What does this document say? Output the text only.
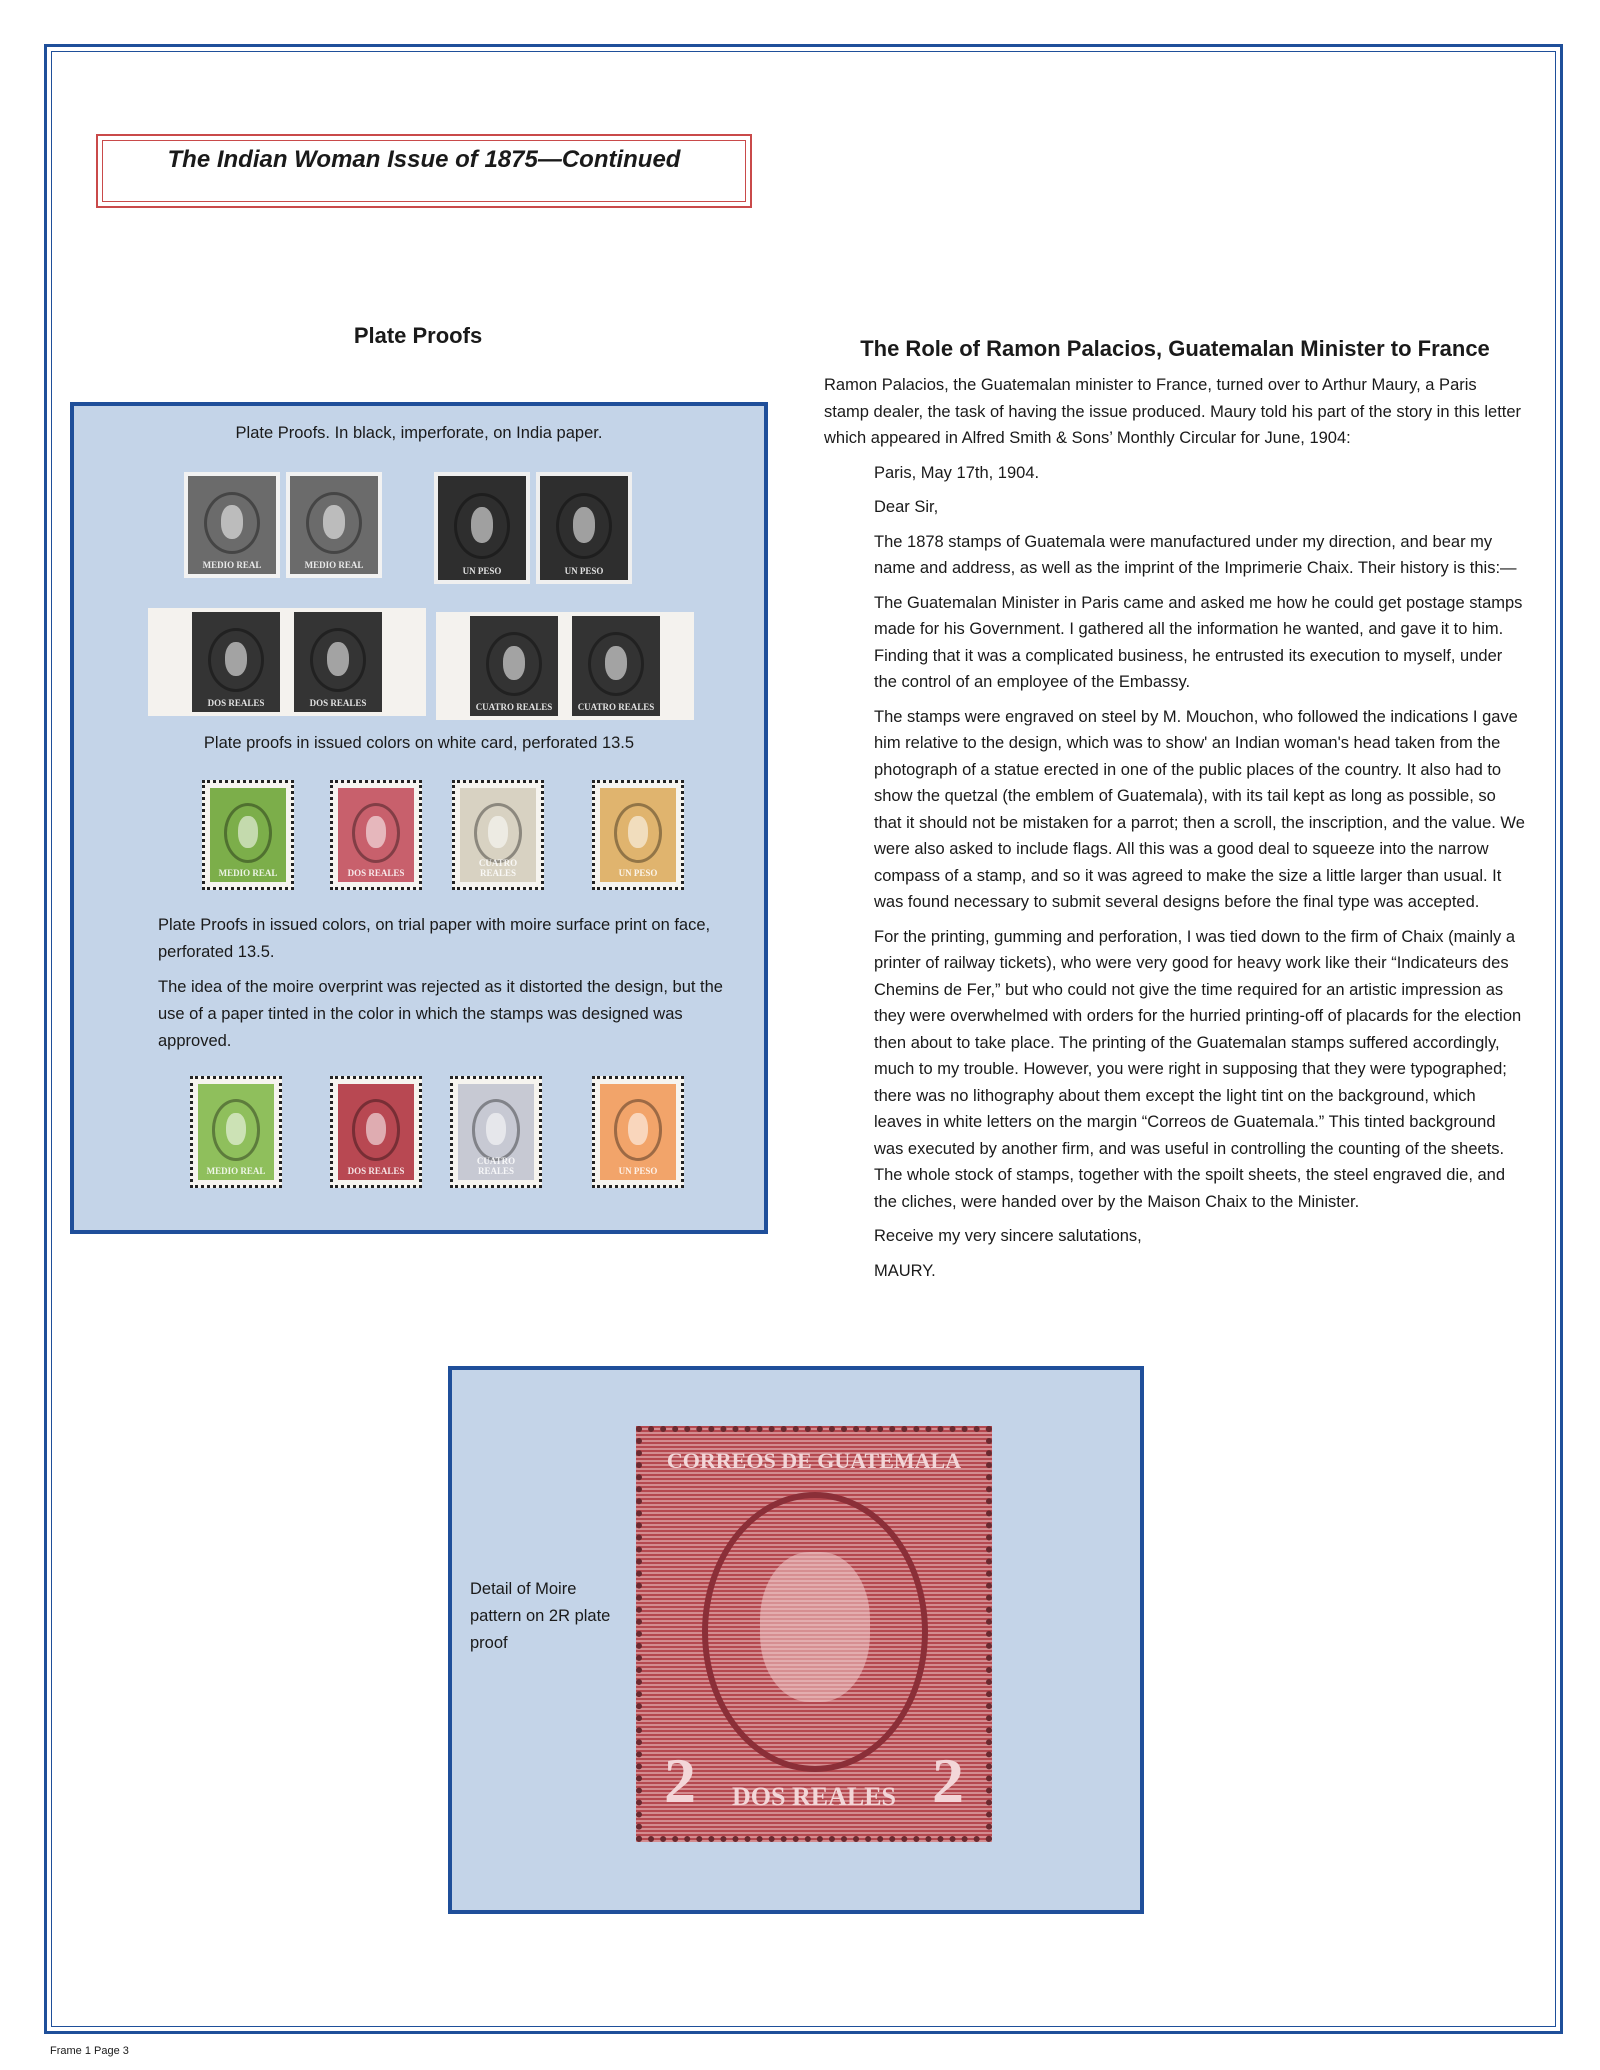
The Indian Woman Issue of 1875—Continued
Plate Proofs
The Role of Ramon Palacios, Guatemalan Minister to France
Plate Proofs. In black, imperforate, on India paper.
MEDIO REAL	MEDIO REAL
UN PESO	UN PESO
DOS REALES	DOS REALES	CUATRO REALES	CUATRO REALES
Plate proofs in issued colors on white card, perforated 13.5
MEDIO REAL	DOS REALES
CUATRO REALES	UN PESO
Plate Proofs in issued colors, on trial paper with moire surface print on face, perforated 13.5.
The idea of the moire overprint was rejected as it distorted the design, but the use of a paper tinted in the color in which the stamps was designed was approved.
MEDIO REAL	DOS REALES
CUATRO REALES	UN PESO

Ramon Palacios, the Guatemalan minister to France, turned over to Arthur Maury, a Paris stamp dealer, the task of having the issue produced. Maury told his part of the story in this letter which appeared in Alfred Smith & Sons’ Monthly Circular for June, 1904:

Paris, May 17th, 1904.

Dear Sir,

The 1878 stamps of Guatemala were manufactured under my direction, and bear my name and address, as well as the imprint of the Imprimerie Chaix. Their history is this:—

The Guatemalan Minister in Paris came and asked me how he could get postage stamps made for his Government. I gathered all the information he wanted, and gave it to him. Finding that it was a complicated business, he entrusted its execution to myself, under the control of an employee of the Embassy.

The stamps were engraved on steel by M. Mouchon, who followed the indications I gave him relative to the design, which was to show' an Indian woman's head taken from the photograph of a statue erected in one of the public places of the country. It also had to show the quetzal (the emblem of Guatemala), with its tail kept as long as possible, so that it should not be mistaken for a parrot; then a scroll, the inscription, and the value. We were also asked to include flags. All this was a good deal to squeeze into the narrow compass of a stamp, and so it was agreed to make the size a little larger than usual. It was found necessary to submit several designs before the final type was accepted.

For the printing, gumming and perforation, I was tied down to the firm of Chaix (mainly a printer of railway tickets), who were very good for heavy work like their “Indicateurs des Chemins de Fer,” but who could not give the time required for an artistic impression as they were overwhelmed with orders for the hurried printing-off of placards for the election then about to take place. The printing of the Guatemalan stamps suffered accordingly, much to my trouble. However, you were right in supposing that they were typographed; there was no lithography about them except the light tint on the background, which leaves in white letters on the margin “Correos de Guatemala.” This tinted background was executed by another firm, and was useful in controlling the counting of the sheets. The whole stock of stamps, together with the spoilt sheets, the steel engraved die, and the cliches, were handed over by the Maison Chaix to the Minister.

Receive my very sincere salutations,

MAURY.

Detail of Moire pattern on 2R plate proof
CORREOS DE GUATEMALA
2	DOS REALES 2
Frame 1 Page 3
